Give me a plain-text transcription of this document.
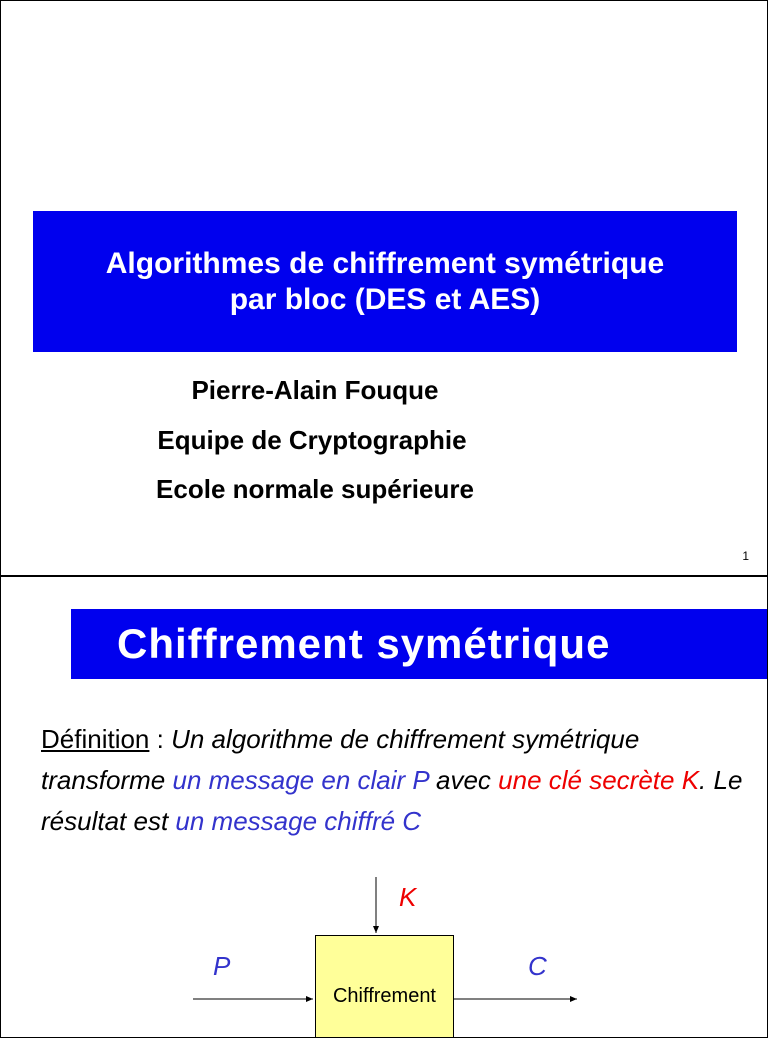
Algorithmes de chiffrement symétrique
par bloc (DES et AES)
Pierre-Alain Fouque
Equipe de Cryptographie
Ecole normale supérieure
1
Chiffrement symétrique
Définition : Un algorithme de chiffrement symétrique transforme un message en clair P avec une clé secrète K. Le résultat est un message chiffré C
Chiffrement
K
P	C
